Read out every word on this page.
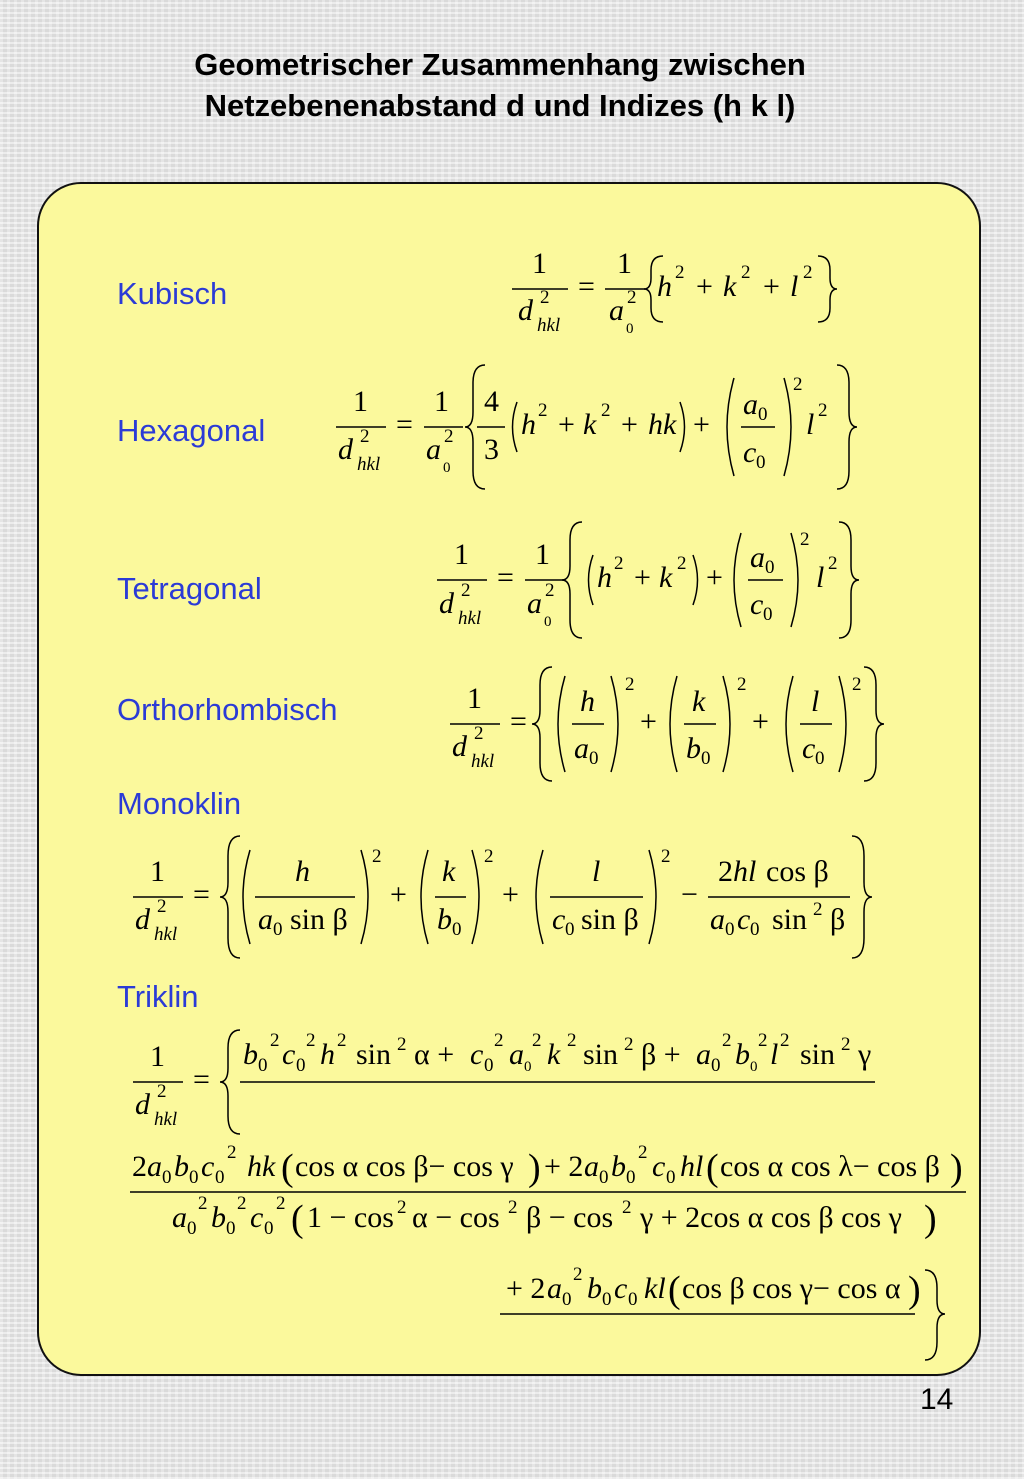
Geometrischer Zusammenhang zwischen
Netzebenenabstand d und Indizes (h k l)
Kubisch
Hexagonal
Tetragonal
Orthorhombisch
Monoklin
Triklin
1
d 2
hkl
=
1
a 2
0
h 2 + k 2 + l 2
1
d 2
hkl
=
1
a 2
0
4
3
h 2 + k 2 + hk +
a 0
c 0
2
l 2
1
d 2
hkl
=
1
a 2
0
h 2 + k 2 +
a 0
c 0
2
l 2
1
d 2
hkl
=
h
a 0
2
+
k
b 0
2
+
l
c 0
2
1
d 2
hkl
=
h
a 0 sin β
2
+
k
b 0
2
+
l
c 0 sin β
2
−
2 hl cos β
a 0 c 0 sin 2 β
1
d 2
hkl
=
b 0
2 c 0
2 h 2 sin 2 α + c 0
2 a 0
2 k 2 sin 2 β + a 0
2 b 0
2 l 2 sin 2 γ
2 a 0 b 0 c 0
2 hk ( cos α cos β− cos γ ) + 2 a 0 b 0
2 c 0 hl ( cos α cos λ− cos β )
a 0
2 b 0
2 c 0
2 ( 1 − cos 2 α − cos 2 β − cos 2 γ + 2cos α cos β cos γ )
+ 2 a 0
2 b 0 c 0 kl ( cos β cos γ− cos α )
14
